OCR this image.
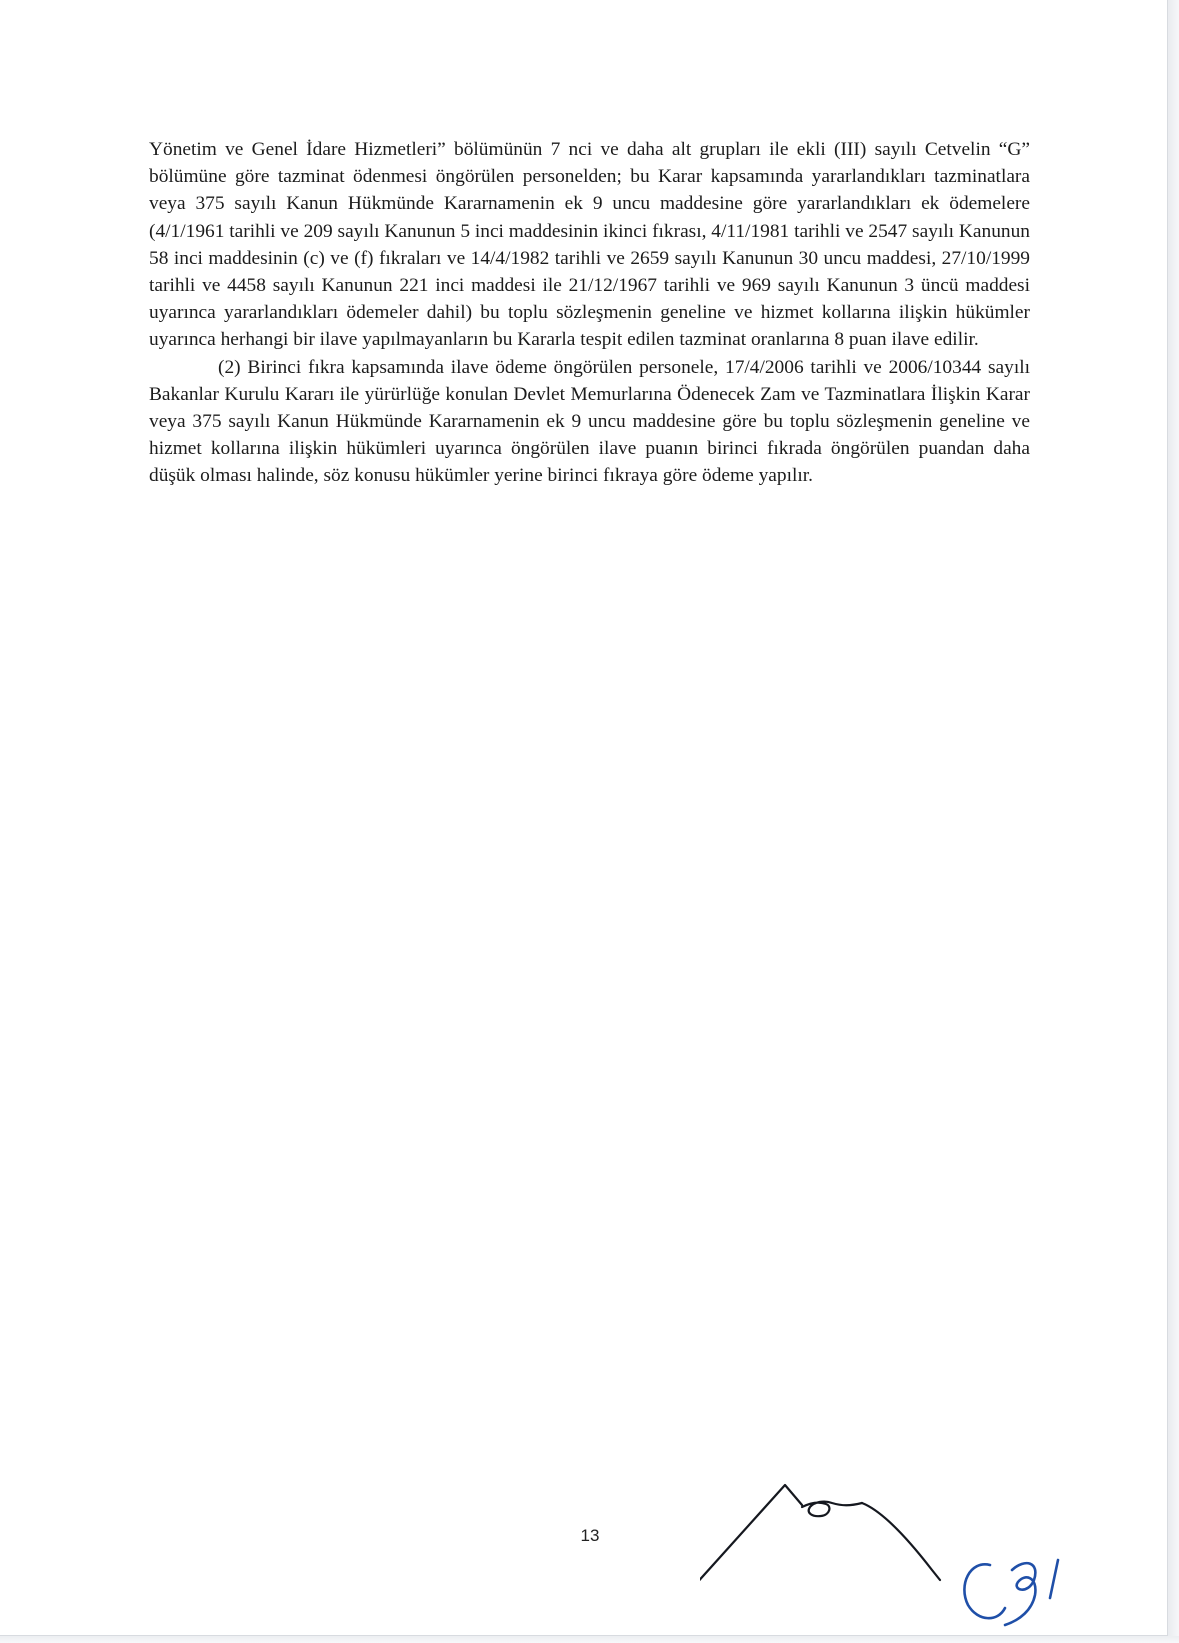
Yönetim ve Genel İdare Hizmetleri” bölümünün 7 nci ve daha alt grupları ile ekli (III) sayılı Cetvelin “G” bölümüne göre tazminat ödenmesi öngörülen personelden; bu Karar kapsamında yararlandıkları tazminatlara veya 375 sayılı Kanun Hükmünde Kararnamenin ek 9 uncu maddesine göre yararlandıkları ek ödemelere (4/1/1961 tarihli ve 209 sayılı Kanunun 5 inci maddesinin ikinci fıkrası, 4/11/1981 tarihli ve 2547 sayılı Kanunun 58 inci maddesinin (c) ve (f) fıkraları ve 14/4/1982 tarihli ve 2659 sayılı Kanunun 30 uncu maddesi, 27/10/1999 tarihli ve 4458 sayılı Kanunun 221 inci maddesi ile 21/12/1967 tarihli ve 969 sayılı Kanunun 3 üncü maddesi uyarınca yararlandıkları ödemeler dahil) bu toplu sözleşmenin geneline ve hizmet kollarına ilişkin hükümler uyarınca herhangi bir ilave yapılmayanların bu Kararla tespit edilen tazminat oranlarına 8 puan ilave edilir.

(2) Birinci fıkra kapsamında ilave ödeme öngörülen personele, 17/4/2006 tarihli ve 2006/10344 sayılı Bakanlar Kurulu Kararı ile yürürlüğe konulan Devlet Memurlarına Ödenecek Zam ve Tazminatlara İlişkin Karar veya 375 sayılı Kanun Hükmünde Kararnamenin ek 9 uncu maddesine göre bu toplu sözleşmenin geneline ve hizmet kollarına ilişkin hükümleri uyarınca öngörülen ilave puanın birinci fıkrada öngörülen puandan daha düşük olması halinde, söz konusu hükümler yerine birinci fıkraya göre ödeme yapılır.

13
